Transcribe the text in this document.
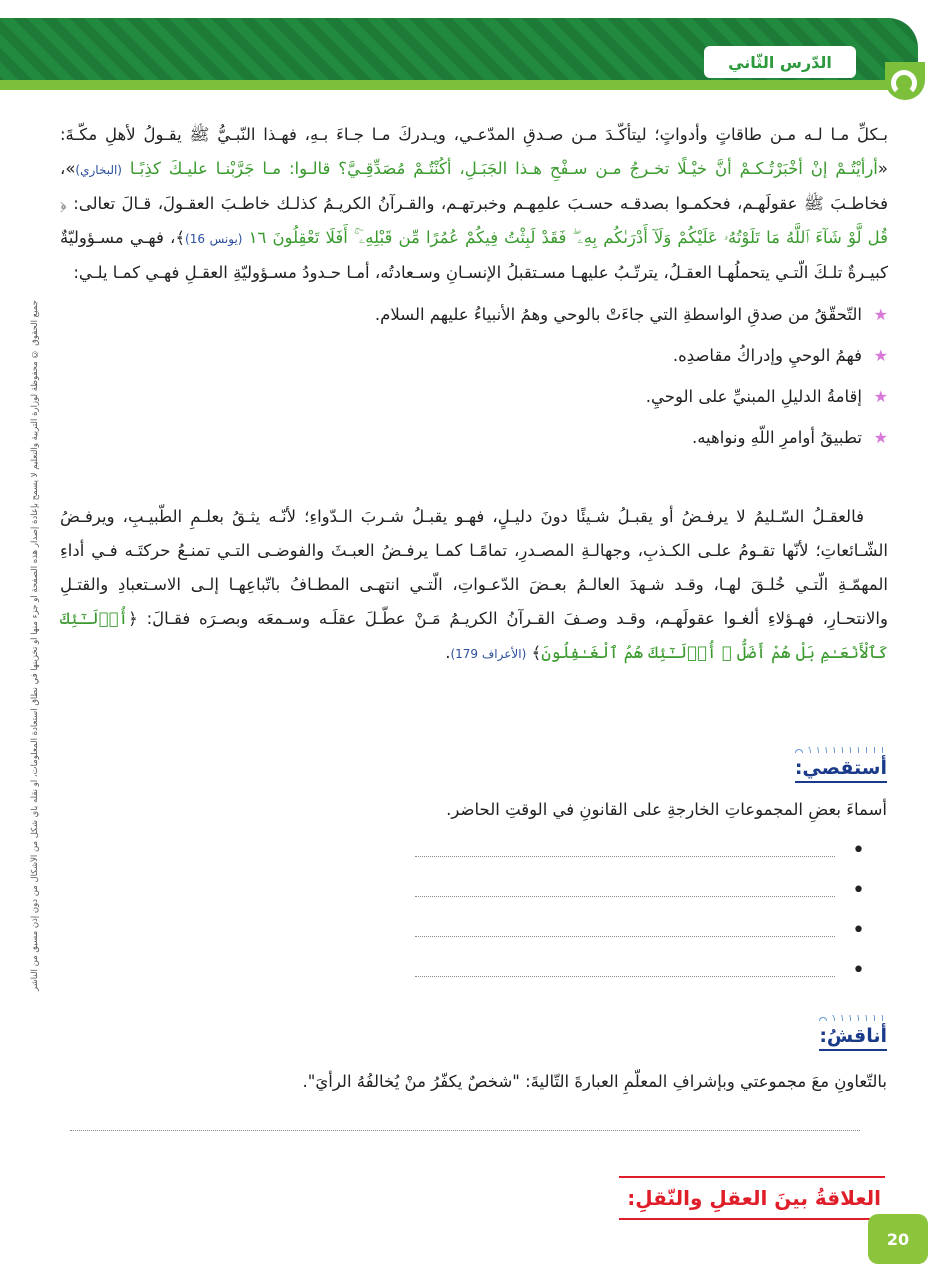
الدّرس الثّاني
جميع الحقوق © محفوظة لوزارة التربية والتعليم لا يسمح بإعادة إصدار هذه الصفحة أو جزء منها أو تخزينها في نطاق استعادة المعلومات، أو نقله بأي شكل من الأشكال من دون إذن مسبق من الناشر

بـكلِّ مـا لـه مـن طاقاتٍ وأدواتٍ؛ ليتأكّـدَ مـن صـدقِ المدّعـي، ويـدركَ مـا جـاءَ بـهِ، فهـذا النّبـيُّ ﷺ يقـولُ لأهلِ مكّـةَ: «أرأيْتُـمْ إنْ أخْبَرْتُـكـمْ أنَّ خيْـلًا تخـرجُ مـن سـفْحِ هـذا الجَبَـلِ، أكُنْتُـمْ مُصَدِّقِـيَّ؟ قالـوا: مـا جَرَّبْنـا عليـكَ كذِبًـا (البخاري)»، فخاطـبَ ﷺ عقولَهـم، فحكمـوا بصدقـه حسـبَ علمِهـم وخبرتهـم، والقـرآنُ الكريـمُ كذلـك خاطـبَ العقـولَ، قـالَ تعالى: ﴿ قُل لَّوْ شَآءَ ٱللَّهُ مَا تَلَوْتُهُۥ عَلَيْكُمْ وَلَآ أَدْرَىٰكُم بِهِۦ ۖ فَقَدْ لَبِثْتُ فِيكُمْ عُمُرًا مِّن قَبْلِهِۦٓ ۚ أَفَلَا تَعْقِلُونَ ١٦ (يونس 16)﴾، فهـي مسـؤوليّةٌ كبيـرةٌ تلـكَ الّتـي يتحملُهـا العقـلُ، يترتّـبُ عليهـا مسـتقبلُ الإنسـانِ وسـعادتُه، أمـا حـدودُ مسـؤوليّةِ العقـلِ فهـي كمـا يلـي:

★
التّحقّقُ من صدقِ الواسطةِ التي جاءَتْ بالوحي وهمُ الأنبياءُ عليهم السلام.
★
فهمُ الوحيِ وإدراكُ مقاصدِه.
★
إقامةُ الدليلِ المبنيِّ على الوحيِ.
★
تطبيقُ أوامرِ اللّهِ ونواهيه.

فالعقـلُ السّـليمُ لا يرفـضُ أو يقبـلُ شـيئًا دونَ دليـلٍ، فهـو يقبـلُ شـربَ الـدّواءِ؛ لأنّـه يثـقُ بعلـمِ الطّبيـبِ، ويرفـضُ الشّـائعاتِ؛ لأنّها تقـومُ علـى الكـذبِ، وجهالـةِ المصـدرِ، تمامًـا كمـا يرفـضُ العبـثَ والفوضـى التـي تمنـعُ حركتَـه فـي أداءِ المهمّـةِ الّتـي خُلـقَ لهـا، وقـد شـهدَ العالـمُ بعـضَ الدّعـواتِ، الّتـي انتهـى المطـافُ باتّباعِهـا إلـى الاسـتعبادِ والقتـلِ والانتحـارِ، فهـؤلاءِ ألغـوا عقولَهـم، وقـد وصـفَ القـرآنُ الكريـمُ مَـنْ عطّـلَ عقلَـه وسـمعَه وبصـرَه فقـالَ: ﴿أُو۟لَـٰٓئِكَ كَٱلْأَنْعَـٰمِ بَلْ هُمْ أَضَلُّ ۚ أُو۟لَـٰٓئِكَ هُمُ ٱلْغَـٰفِلُونَ﴾ (الأعراف 179).

أستقصي:
أسماءَ بعضِ المجموعاتِ الخارجةِ على القانونِ في الوقتِ الحاضر.
•
•
•
•
أناقشُ:
بالتّعاونِ معَ مجموعتي وبإشرافِ المعلّمِ العبارةَ التّاليةَ: "شخصٌ يكفّرُ منْ يُخالفُهُ الرأيَ".
العلاقةُ بينَ العقلِ والنّقلِ:
20
